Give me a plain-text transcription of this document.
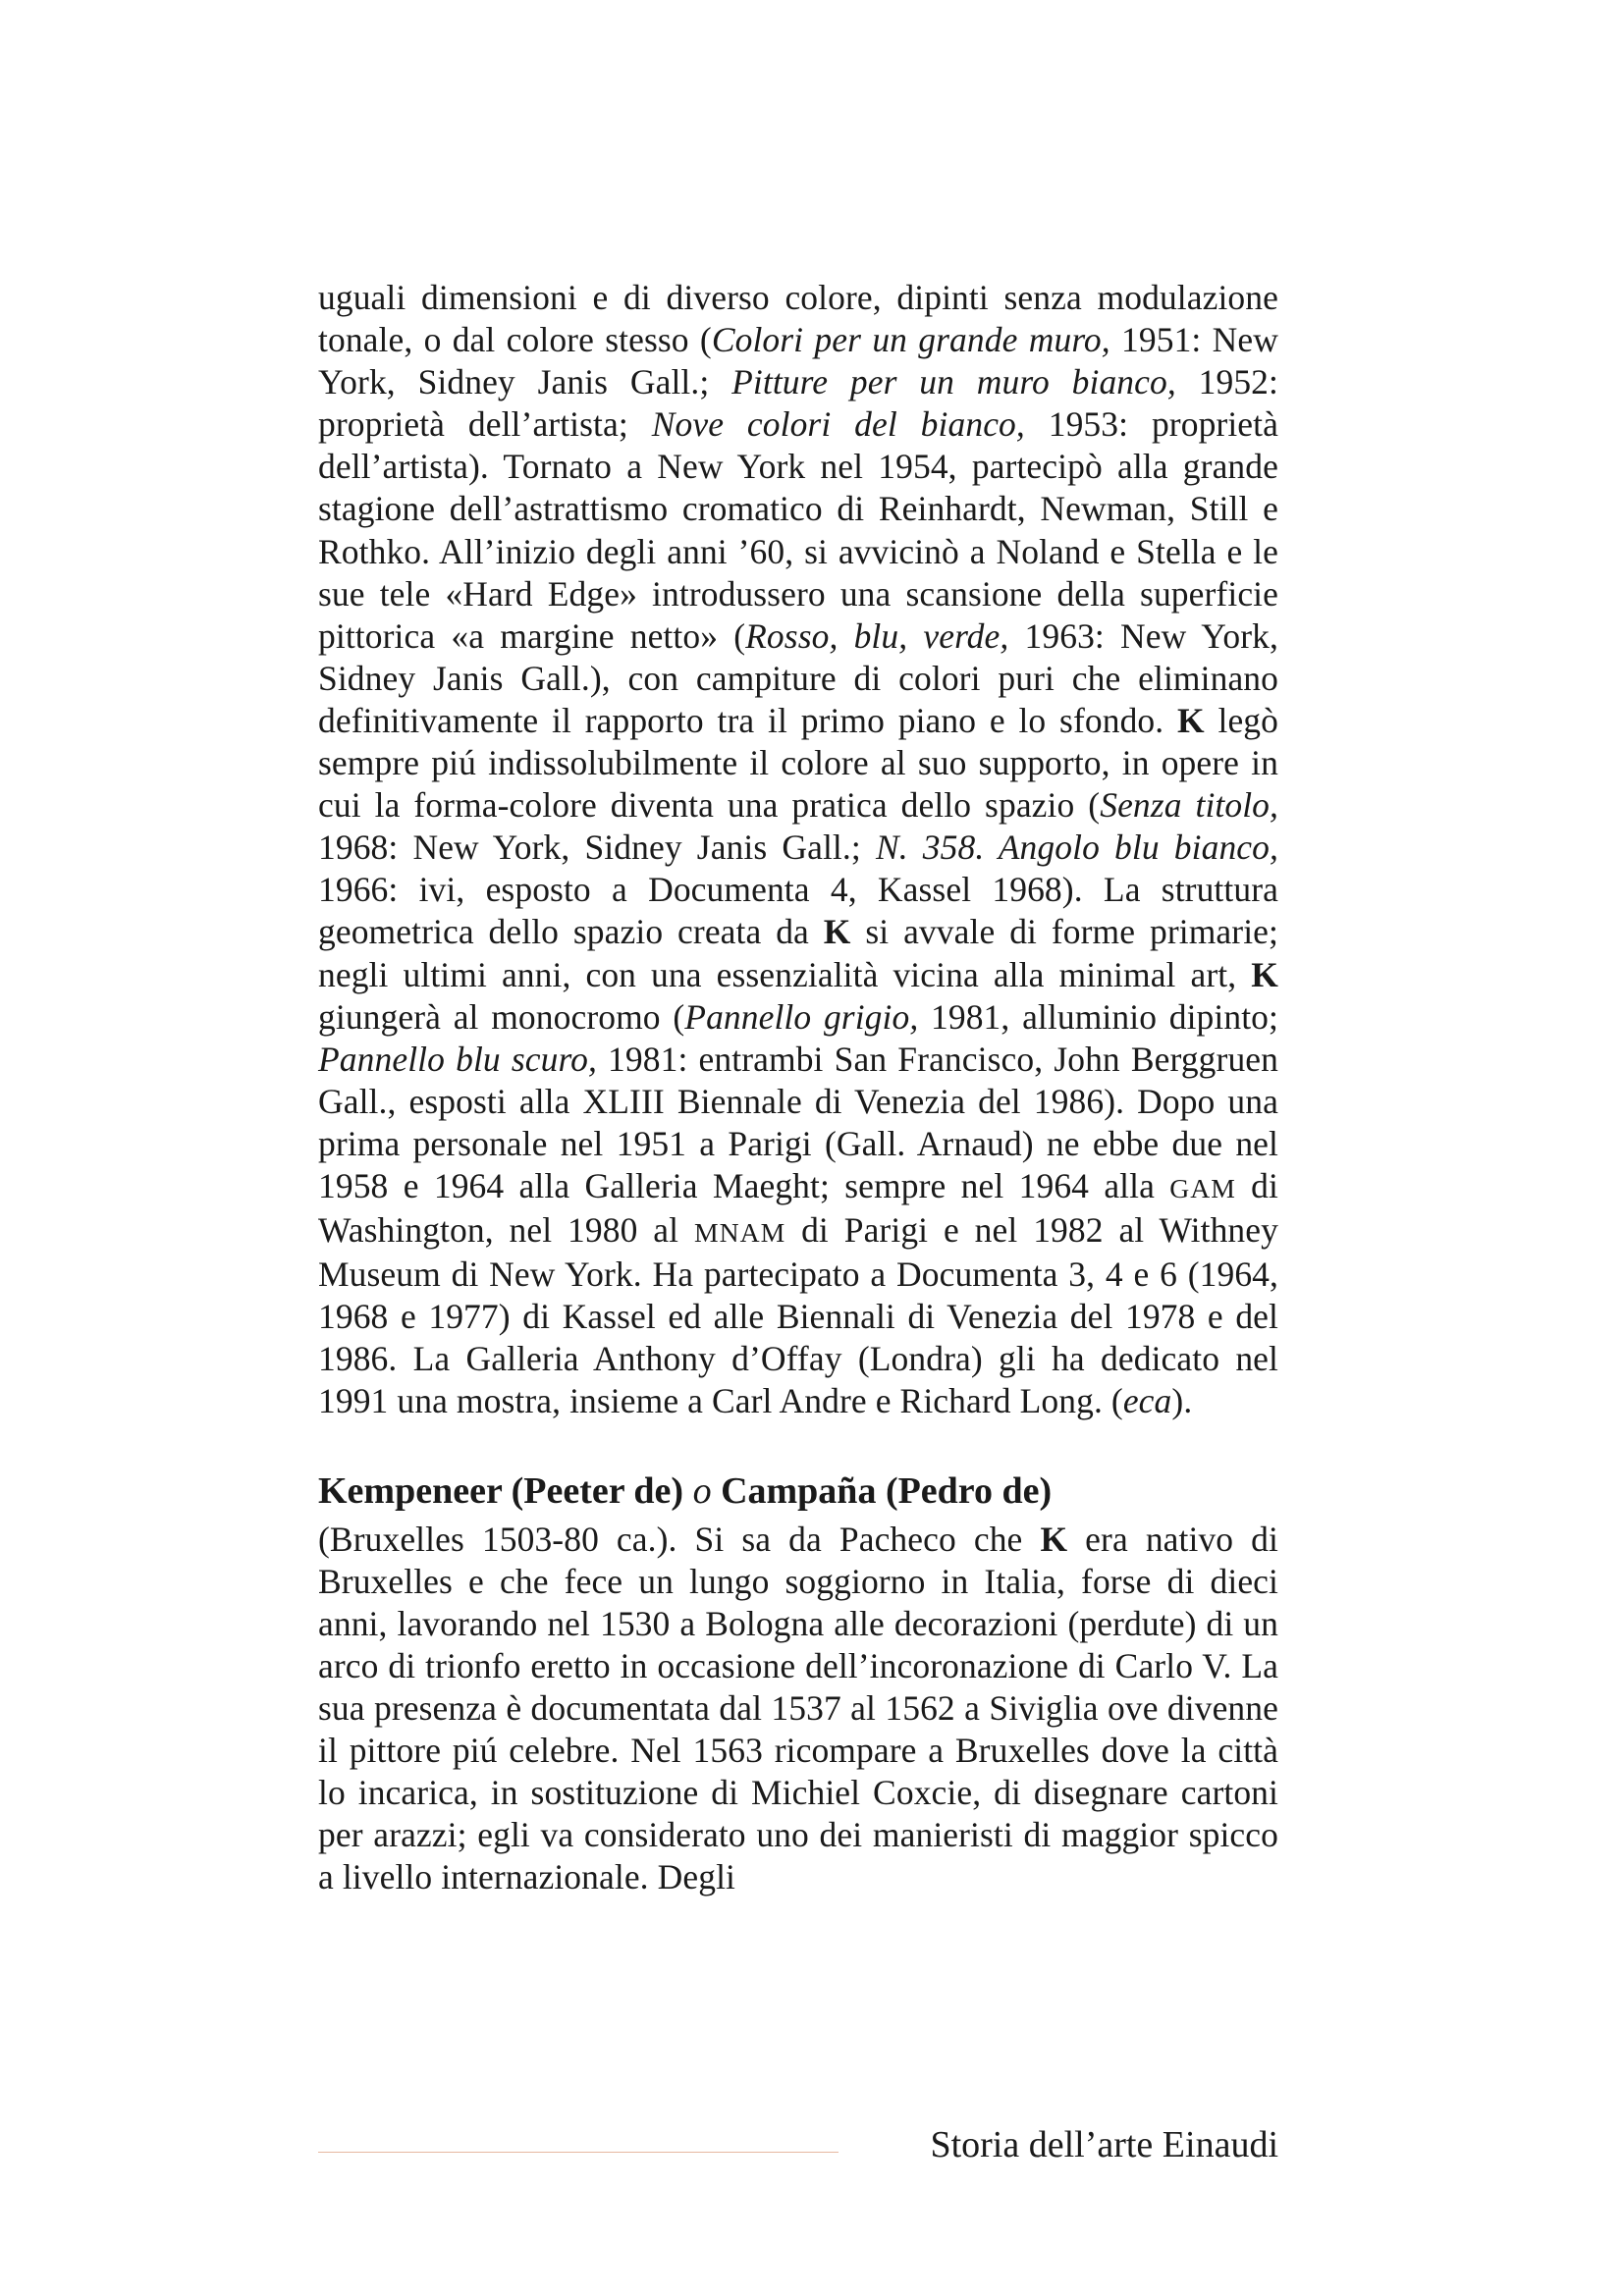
uguali dimensioni e di diverso colore, dipinti senza modulazione tonale, o dal colore stesso (Colori per un grande muro, 1951: New York, Sidney Janis Gall.; Pitture per un muro bianco, 1952: proprietà dell’artista; Nove colori del bianco, 1953: proprietà dell’artista). Tornato a New York nel 1954, partecipò alla grande stagione dell’astrattismo cromatico di Reinhardt, Newman, Still e Rothko. All’inizio degli anni ’60, si avvicinò a Noland e Stella e le sue tele «Hard Edge» introdussero una scansione della superficie pittorica «a margine netto» (Rosso, blu, verde, 1963: New York, Sidney Janis Gall.), con campiture di colori puri che eliminano definitivamente il rapporto tra il primo piano e lo sfondo. K legò sempre piú indissolubilmente il colore al suo supporto, in opere in cui la forma-colore diventa una pratica dello spazio (Senza titolo, 1968: New York, Sidney Janis Gall.; N. 358. Angolo blu bianco, 1966: ivi, esposto a Documenta 4, Kassel 1968). La struttura geometrica dello spazio creata da K si avvale di forme primarie; negli ultimi anni, con una essenzialità vicina alla minimal art, K giungerà al monocromo (Pannello grigio, 1981, alluminio dipinto; Pannello blu scuro, 1981: entrambi San Francisco, John Berggruen Gall., esposti alla XLIII Biennale di Venezia del 1986). Dopo una prima personale nel 1951 a Parigi (Gall. Arnaud) ne ebbe due nel 1958 e 1964 alla Galleria Maeght; sempre nel 1964 alla GAM di Washington, nel 1980 al MNAM di Parigi e nel 1982 al Withney Museum di New York. Ha partecipato a Documenta 3, 4 e 6 (1964, 1968 e 1977) di Kassel ed alle Biennali di Venezia del 1978 e del 1986. La Galleria Anthony d’Offay (Londra) gli ha dedicato nel 1991 una mostra, insieme a Carl Andre e Richard Long. (eca).

Kempeneer (Peeter de) o Campaña (Pedro de)

(Bruxelles 1503-80 ca.). Si sa da Pacheco che K era nativo di Bruxelles e che fece un lungo soggiorno in Italia, forse di dieci anni, lavorando nel 1530 a Bologna alle decorazioni (perdute) di un arco di trionfo eretto in occasione dell’incoronazione di Carlo V. La sua presenza è documentata dal 1537 al 1562 a Siviglia ove divenne il pittore piú celebre. Nel 1563 ricompare a Bruxelles dove la città lo incarica, in sostituzione di Michiel Coxcie, di disegnare cartoni per arazzi; egli va considerato uno dei manieristi di maggior spicco a livello internazionale. Degli

Storia dell’arte Einaudi
